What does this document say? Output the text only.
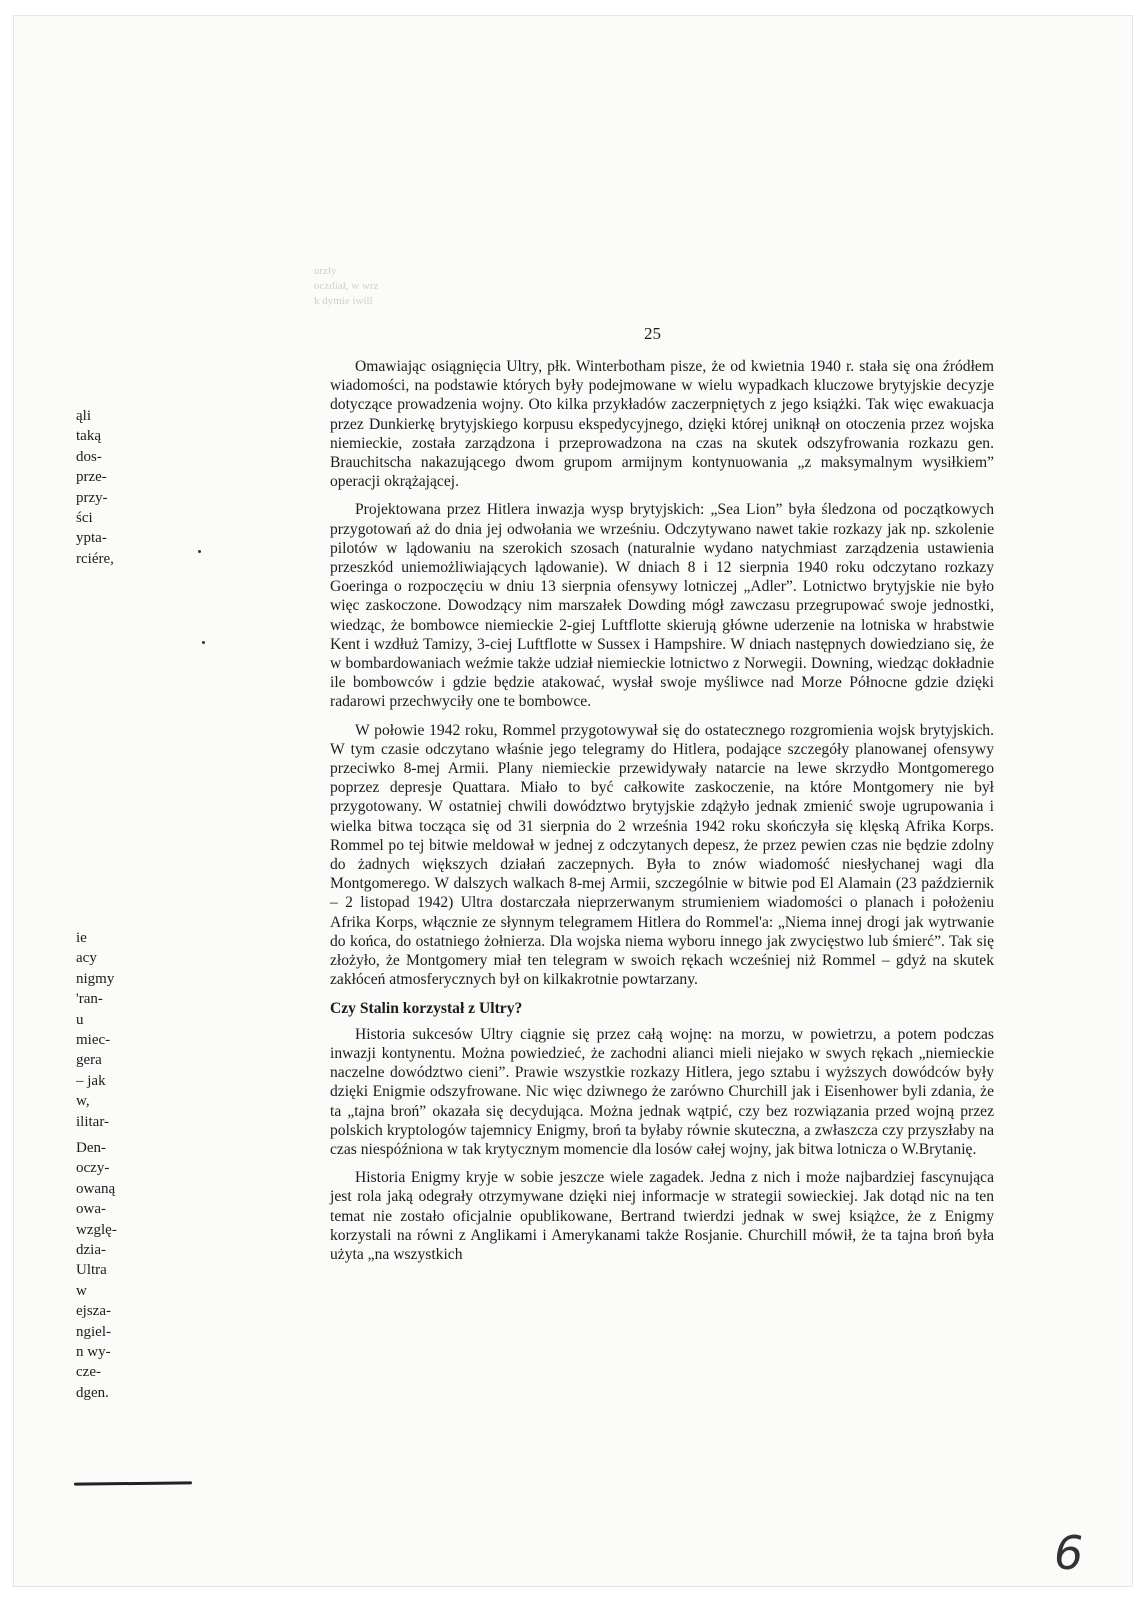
urzły
oczdiał, w wrz
k dymie iwill
25
ąli
taką
dos-
prze-
przy-
ści
ypta-
rciére,
ie
acy
nigmy
'ran-
u
miec-
gera
– jak
w,
ilitar-
Den-
oczy-
owaną
owa-
wzglę-
dzia-
Ultra
w
ejsza-
ngiel-
n wy-
cze-
dgen.

Omawiając osiągnięcia Ultry, płk. Winterbotham pisze, że od kwietnia 1940 r. stała się ona źródłem wiadomości, na podstawie których były podejmowane w wielu wypadkach kluczowe brytyjskie decyzje dotyczące prowadzenia wojny. Oto kilka przykładów zaczerpniętych z jego książki. Tak więc ewakuacja przez Dunkierkę brytyjskiego korpusu ekspedycyjnego, dzięki której uniknął on otoczenia przez wojska niemieckie, została zarządzona i przeprowadzona na czas na skutek odszyfrowania rozkazu gen. Brauchitscha nakazującego dwom grupom armijnym kontynuowania „z maksymalnym wysiłkiem” operacji okrążającej.

Projektowana przez Hitlera inwazja wysp brytyjskich: „Sea Lion” była śledzona od początkowych przygotowań aż do dnia jej odwołania we wrześniu. Odczytywano nawet takie rozkazy jak np. szkolenie pilotów w lądowaniu na szerokich szosach (naturalnie wydano natychmiast zarządzenia ustawienia przeszkód uniemożliwiających lądowanie). W dniach 8 i 12 sierpnia 1940 roku odczytano rozkazy Goeringa o rozpoczęciu w dniu 13 sierpnia ofensywy lotniczej „Adler”. Lotnictwo brytyjskie nie było więc zaskoczone. Dowodzący nim marszałek Dowding mógł zawczasu przegrupować swoje jednostki, wiedząc, że bombowce niemieckie 2-giej Luftflotte skierują główne uderzenie na lotniska w hrabstwie Kent i wzdłuż Tamizy, 3-ciej Luftflotte w Sussex i Hampshire. W dniach następnych dowiedziano się, że w bombardowaniach weźmie także udział niemieckie lotnictwo z Norwegii. Downing, wiedząc dokładnie ile bombowców i gdzie będzie atakować, wysłał swoje myśliwce nad Morze Północne gdzie dzięki radarowi przechwyciły one te bombowce.

W połowie 1942 roku, Rommel przygotowywał się do ostatecznego rozgromienia wojsk brytyjskich. W tym czasie odczytano właśnie jego telegramy do Hitlera, podające szczegóły planowanej ofensywy przeciwko 8-mej Armii. Plany niemieckie przewidywały natarcie na lewe skrzydło Montgomerego poprzez depresje Quattara. Miało to być całkowite zaskoczenie, na które Montgomery nie był przygotowany. W ostatniej chwili dowództwo brytyjskie zdążyło jednak zmienić swoje ugrupowania i wielka bitwa tocząca się od 31 sierpnia do 2 września 1942 roku skończyła się klęską Afrika Korps. Rommel po tej bitwie meldował w jednej z odczytanych depesz, że przez pewien czas nie będzie zdolny do żadnych większych działań zaczepnych. Była to znów wiadomość niesłychanej wagi dla Montgomerego. W dalszych walkach 8-mej Armii, szczególnie w bitwie pod El Alamain (23 październik – 2 listopad 1942) Ultra dostarczała nieprzerwanym strumieniem wiadomości o planach i położeniu Afrika Korps, włącznie ze słynnym telegramem Hitlera do Rommel'a: „Niema innej drogi jak wytrwanie do końca, do ostatniego żołnierza. Dla wojska niema wyboru innego jak zwycięstwo lub śmierć”. Tak się złożyło, że Montgomery miał ten telegram w swoich rękach wcześniej niż Rommel – gdyż na skutek zakłóceń atmosferycznych był on kilkakrotnie powtarzany.

Czy Stalin korzystał z Ultry?

Historia sukcesów Ultry ciągnie się przez całą wojnę: na morzu, w powietrzu, a potem podczas inwazji kontynentu. Można powiedzieć, że zachodni alianci mieli niejako w swych rękach „niemieckie naczelne dowództwo cieni”. Prawie wszystkie rozkazy Hitlera, jego sztabu i wyższych dowódców były dzięki Enigmie odszyfrowane. Nic więc dziwnego że zarówno Churchill jak i Eisenhower byli zdania, że ta „tajna broń” okazała się decydująca. Można jednak wątpić, czy bez rozwiązania przed wojną przez polskich kryptologów tajemnicy Enigmy, broń ta byłaby równie skuteczna, a zwłaszcza czy przyszłaby na czas niespóźniona w tak krytycznym momencie dla losów całej wojny, jak bitwa lotnicza o W.Brytanię.

Historia Enigmy kryje w sobie jeszcze wiele zagadek. Jedna z nich i może najbardziej fascynująca jest rola jaką odegrały otrzymywane dzięki niej informacje w strategii sowieckiej. Jak dotąd nic na ten temat nie zostało oficjalnie opublikowane, Bertrand twierdzi jednak w swej książce, że z Enigmy korzystali na równi z Anglikami i Amerykanami także Rosjanie. Churchill mówił, że ta tajna broń była użyta „na wszystkich

6
